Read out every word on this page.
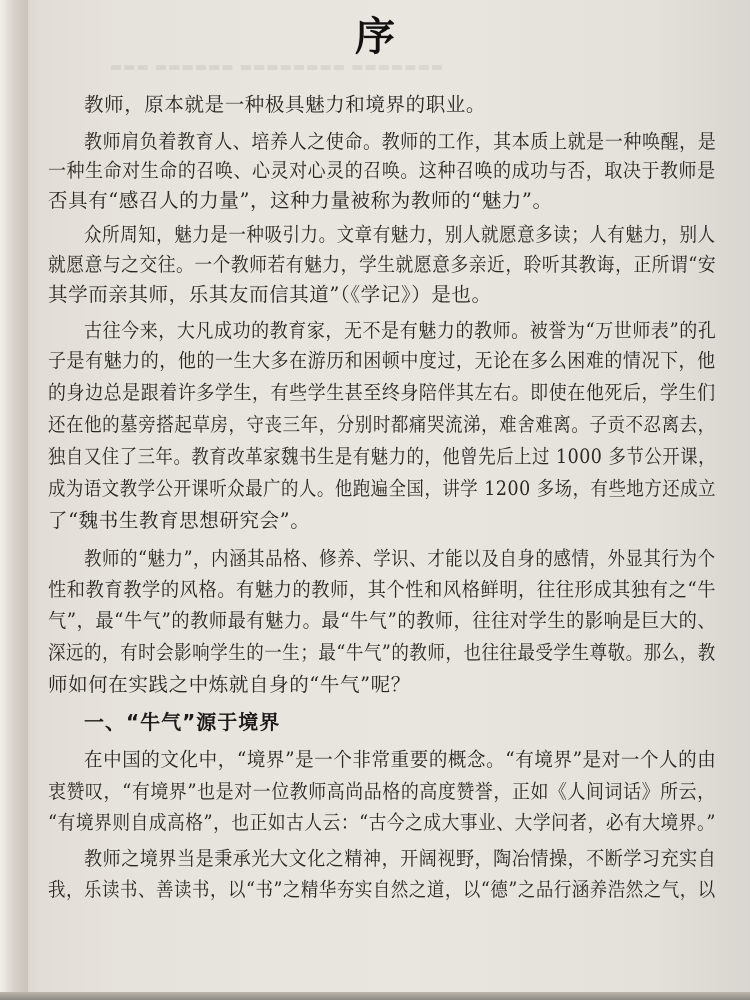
▬▬▬ ▬▬▬▬▬▬ ▬▬▬▬▬▬▬▬ ▬▬▬▬▬▬▬
序
教师，原本就是一种极具魅力和境界的职业。
教师肩负着教育人、培养人之使命。教师的工作，其本质上就是一种唤醒，是
一种生命对生命的召唤、心灵对心灵的召唤。这种召唤的成功与否，取决于教师是
否具有“感召人的力量”，这种力量被称为教师的“魅力”。
众所周知，魅力是一种吸引力。文章有魅力，别人就愿意多读；人有魅力，别人
就愿意与之交往。一个教师若有魅力，学生就愿意多亲近，聆听其教诲，正所谓“安
其学而亲其师，乐其友而信其道”（《学记》）是也。
古往今来，大凡成功的教育家，无不是有魅力的教师。被誉为“万世师表”的孔
子是有魅力的，他的一生大多在游历和困顿中度过，无论在多么困难的情况下，他
的身边总是跟着许多学生，有些学生甚至终身陪伴其左右。即使在他死后，学生们
还在他的墓旁搭起草房，守丧三年，分别时都痛哭流涕，难舍难离。子贡不忍离去，
独自又住了三年。教育改革家魏书生是有魅力的，他曾先后上过 1000 多节公开课，
成为语文教学公开课听众最广的人。他跑遍全国，讲学 1200 多场，有些地方还成立
了“魏书生教育思想研究会”。
教师的“魅力”，内涵其品格、修养、学识、才能以及自身的感情，外显其行为个
性和教育教学的风格。有魅力的教师，其个性和风格鲜明，往往形成其独有之“牛
气”，最“牛气”的教师最有魅力。最“牛气”的教师，往往对学生的影响是巨大的、
深远的，有时会影响学生的一生；最“牛气”的教师，也往往最受学生尊敬。那么，教
师如何在实践之中炼就自身的“牛气”呢？
在中国的文化中，“境界”是一个非常重要的概念。“有境界”是对一个人的由
衷赞叹，“有境界”也是对一位教师高尚品格的高度赞誉，正如《人间词话》所云，
“有境界则自成高格”，也正如古人云：“古今之成大事业、大学问者，必有大境界。”
教师之境界当是秉承光大文化之精神，开阔视野，陶冶情操，不断学习充实自
我，乐读书、善读书，以“书”之精华夯实自然之道，以“德”之品行涵养浩然之气，以
一、“牛气”源于境界
